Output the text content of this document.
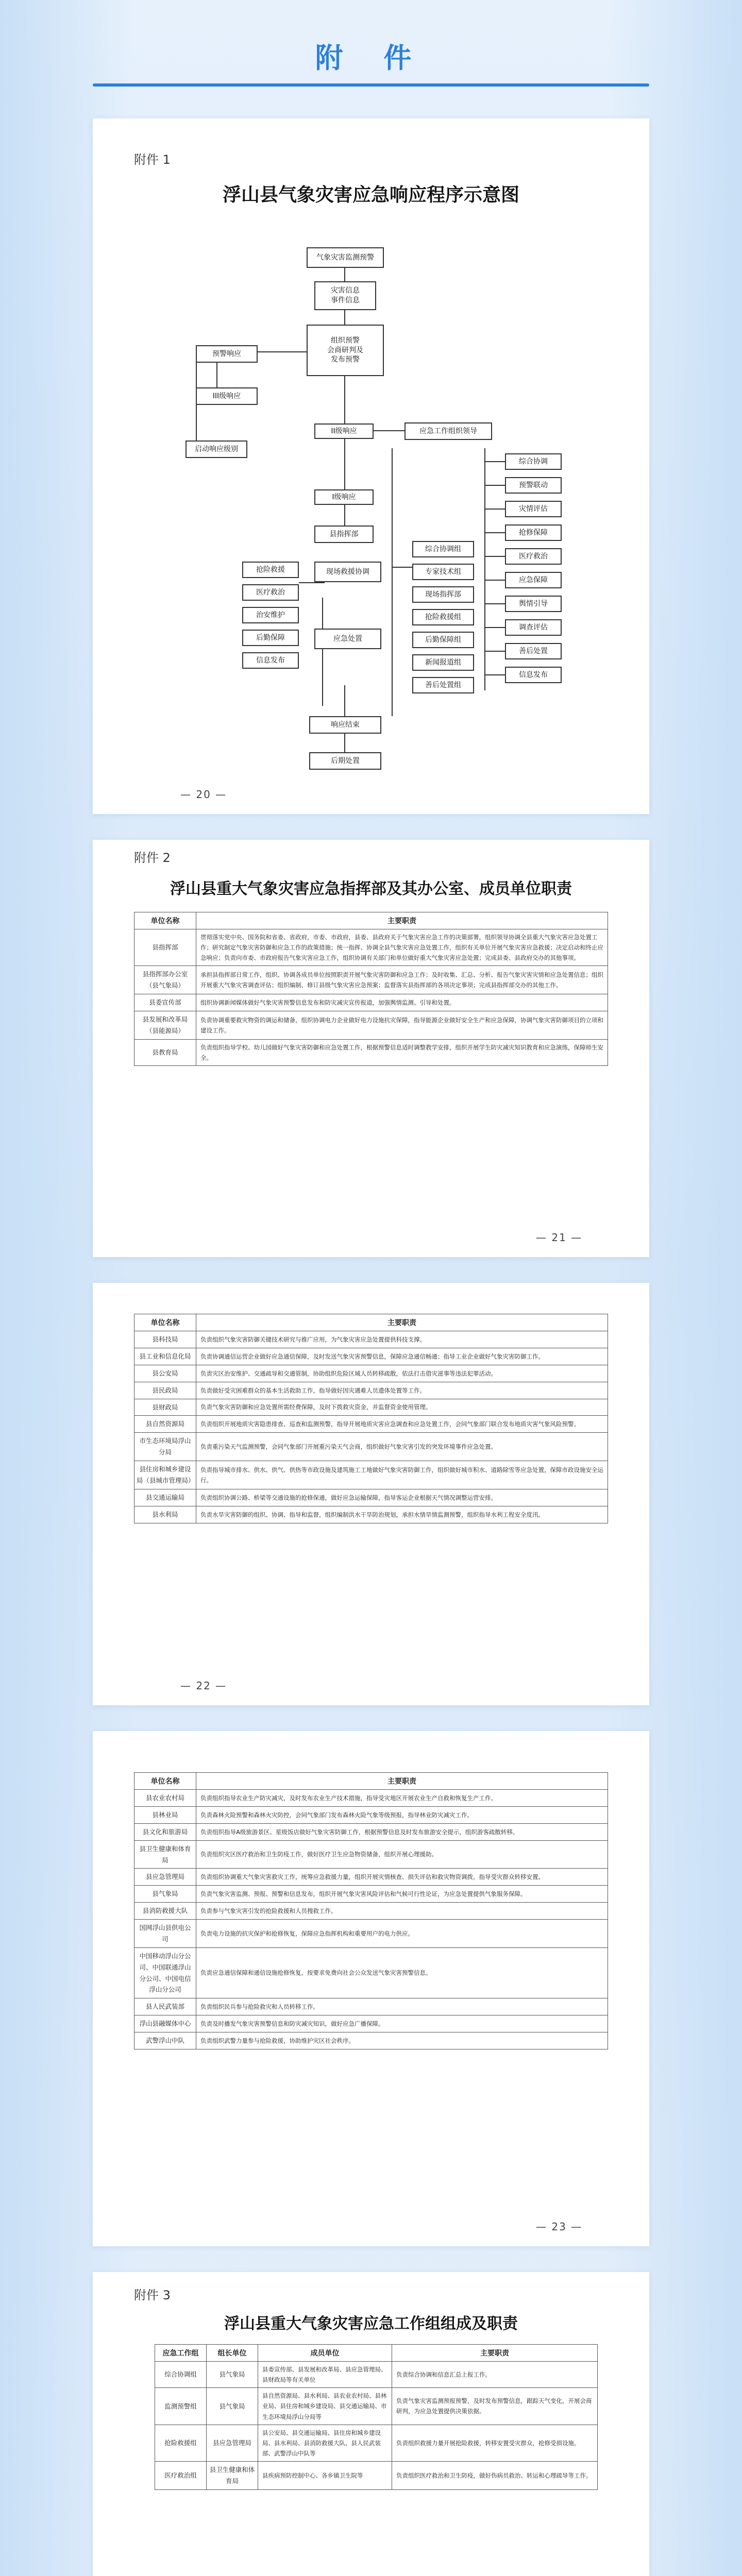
附 件
附件 1
浮山县气象灾害应急响应程序示意图
气象灾害监测预警
灾害信息
事件信息
组织预警
会商研判及
发布预警
预警响应
III级响应
启动响应级别
II级响应	应急工作组织领导
I级响应
县指挥部
抢险救援
医疗救治
治安维护
后勤保障
信息发布
现场救援协调
应急处置
综合协调组
专家技术组
现场指挥部
抢险救援组
后勤保障组
新闻报道组
善后处置组
综合协调
预警联动
灾情评估
抢修保障
医疗救治
应急保障
舆情引导
调查评估
善后处置
信息发布
响应结束
后期处置
— 20 —
附件 2
浮山县重大气象灾害应急指挥部及其办公室、成员单位职责
单位名称	主要职责
县指挥部	贯彻落实党中央、国务院和省委、省政府，市委、市政府，县委、县政府关于气象灾害应急工作的决策部署，组织领导协调全县重大气象灾害应急处置工作；研究制定气象灾害防御和应急工作的政策措施；统一指挥、协调全县气象灾害应急处置工作，组织有关单位开展气象灾害应急救援；决定启动和终止应急响应；负责向市委、市政府报告气象灾害应急工作，组织协调有关部门和单位做好重大气象灾害应急处置；完成县委、县政府交办的其他事项。
县指挥部办公室（县气象局）	承担县指挥部日常工作，组织、协调各成员单位按照职责开展气象灾害防御和应急工作；及时收集、汇总、分析、报告气象灾害灾情和应急处置信息；组织开展重大气象灾害调查评估；组织编制、修订县级气象灾害应急预案；监督落实县指挥部的各项决定事项；完成县指挥部交办的其他工作。
县委宣传部	组织协调新闻媒体做好气象灾害预警信息发布和防灾减灾宣传报道，加强舆情监测、引导和处置。
县发展和改革局（县能源局）	负责协调重要救灾物资的调运和储备，组织协调电力企业做好电力设施抗灾保障，指导能源企业做好安全生产和应急保障，协调气象灾害防御项目的立项和建设工作。
县教育局	负责组织指导学校、幼儿园做好气象灾害防御和应急处置工作，根据预警信息适时调整教学安排，组织开展学生防灾减灾知识教育和应急演练，保障师生安全。
— 21 —
单位名称	主要职责
县科技局	负责组织气象灾害防御关键技术研究与推广应用，为气象灾害应急处置提供科技支撑。
县工业和信息化局	负责协调通信运营企业做好应急通信保障，及时发送气象灾害预警信息，保障应急通信畅通；指导工业企业做好气象灾害防御工作。
县公安局	负责灾区治安维护、交通疏导和交通管制，协助组织危险区域人员转移疏散，依法打击借灾滋事等违法犯罪活动。
县民政局	负责做好受灾困难群众的基本生活救助工作，指导做好因灾遇难人员遗体处置等工作。
县财政局	负责气象灾害防御和应急处置所需经费保障，及时下拨救灾资金，并监督资金使用管理。
县自然资源局	负责组织开展地质灾害隐患排查、巡查和监测预警，指导开展地质灾害应急调查和应急处置工作，会同气象部门联合发布地质灾害气象风险预警。
市生态环境局浮山分局	负责重污染天气监测预警，会同气象部门开展重污染天气会商，组织做好气象灾害引发的突发环境事件应急处置。
县住房和城乡建设局（县城市管理局）	负责指导城市排水、供水、供气、供热等市政设施及建筑施工工地做好气象灾害防御工作，组织做好城市积水、道路除雪等应急处置，保障市政设施安全运行。
县交通运输局	负责组织协调公路、桥梁等交通设施的抢修保通，做好应急运输保障，指导客运企业根据天气情况调整运营安排。
县水利局	负责水旱灾害防御的组织、协调、指导和监督，组织编制洪水干旱防治规划，承担水情旱情监测预警，组织指导水利工程安全度汛。
— 22 —
单位名称	主要职责
县农业农村局	负责组织指导农业生产防灾减灾，及时发布农业生产技术措施，指导受灾地区开展农业生产自救和恢复生产工作。
县林业局	负责森林火险预警和森林火灾防控，会同气象部门发布森林火险气象等级预报，指导林业防灾减灾工作。
县文化和旅游局	负责组织指导A级旅游景区、星级饭店做好气象灾害防御工作，根据预警信息及时发布旅游安全提示，组织游客疏散转移。
县卫生健康和体育局	负责组织灾区医疗救治和卫生防疫工作，做好医疗卫生应急物资储备，组织开展心理援助。
县应急管理局	负责组织协调重大气象灾害救灾工作，统筹应急救援力量，组织开展灾情核查、损失评估和救灾物资调拨，指导受灾群众转移安置。
县气象局	负责气象灾害监测、预报、预警和信息发布，组织开展气象灾害风险评估和气候可行性论证，为应急处置提供气象服务保障。
县消防救援大队	负责参与气象灾害引发的抢险救援和人员搜救工作。
国网浮山县供电公司	负责电力设施的抗灾保护和抢修恢复，保障应急指挥机构和重要用户的电力供应。
中国移动浮山分公司、中国联通浮山分公司、中国电信浮山分公司	负责应急通信保障和通信设施抢修恢复，按要求免费向社会公众发送气象灾害预警信息。
县人民武装部	负责组织民兵参与抢险救灾和人员转移工作。
浮山县融媒体中心	负责及时播发气象灾害预警信息和防灾减灾知识，做好应急广播保障。
武警浮山中队	负责组织武警力量参与抢险救援，协助维护灾区社会秩序。
— 23 —
附件 3
浮山县重大气象灾害应急工作组组成及职责
应急工作组	组长单位	成员单位	主要职责
综合协调组	县气象局	县委宣传部、县发展和改革局、县应急管理局、县财政局等有关单位	负责综合协调和信息汇总上报工作。
监测预警组	县气象局	县自然资源局、县水利局、县农业农村局、县林业局、县住房和城乡建设局、县交通运输局、市生态环境局浮山分局等	负责气象灾害监测预报预警，及时发布预警信息，跟踪天气变化，开展会商研判，为应急处置提供决策依据。
抢险救援组	县应急管理局	县公安局、县交通运输局、县住房和城乡建设局、县水利局、县消防救援大队、县人民武装部、武警浮山中队等	负责组织救援力量开展抢险救援，转移安置受灾群众，抢修受损设施。
医疗救治组	县卫生健康和体育局	县疾病预防控制中心、各乡镇卫生院等	负责组织医疗救治和卫生防疫，做好伤病员救治、转运和心理疏导等工作。
